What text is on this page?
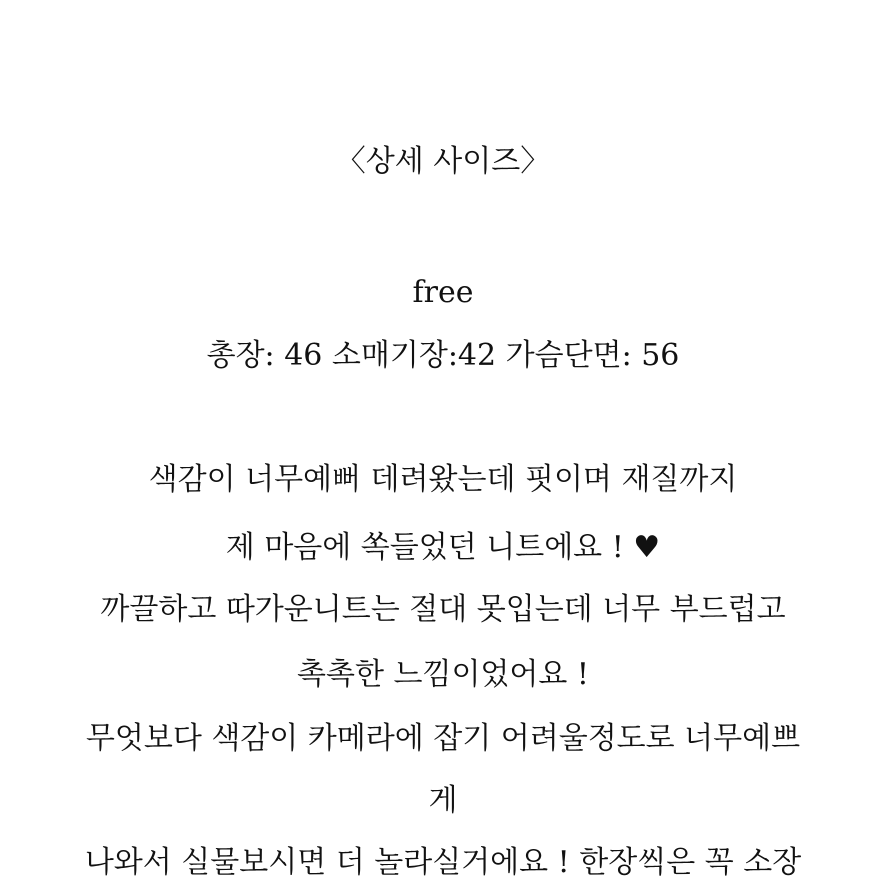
〈상세 사이즈〉
free
총장: 46 소매기장:42 가슴단면: 56
색감이 너무예뻐 데려왔는데 핏이며 재질까지
제 마음에 쏙들었던 니트에요 ! ♥
까끌하고 따가운니트는 절대 못입는데 너무 부드럽고
촉촉한 느낌이었어요 !
무엇보다 색감이 카메라에 잡기 어려울정도로 너무예쁘
게
나와서 실물보시면 더 놀라실거에요 ! 한장씩은 꼭 소장
